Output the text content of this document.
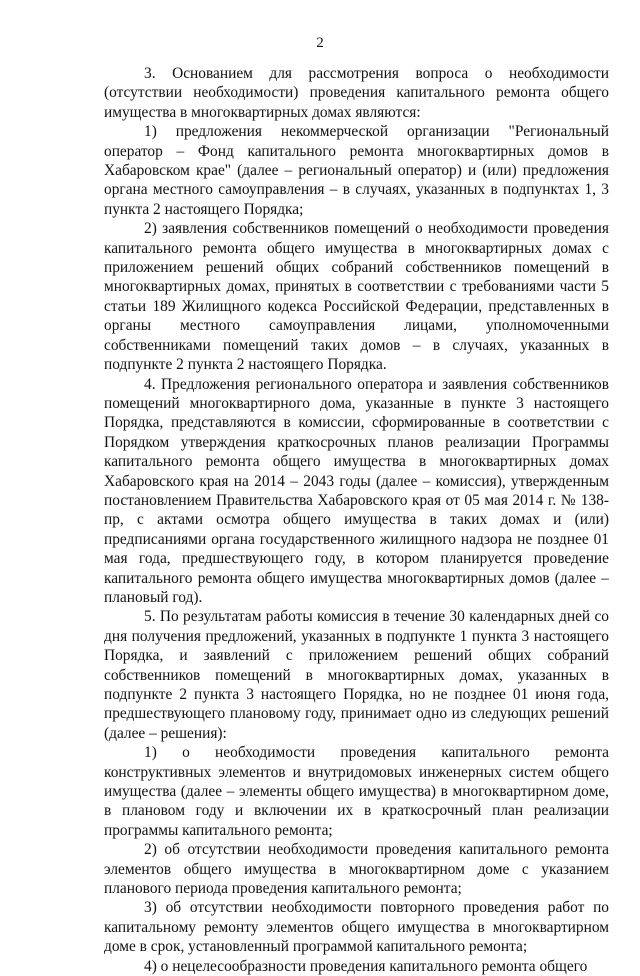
2

3. Основанием для рассмотрения вопроса о необходимости (отсутствии необходимости) проведения капитального ремонта общего имущества в многоквартирных домах являются:

1) предложения некоммерческой организации "Региональный оператор – Фонд капитального ремонта многоквартирных домов в Хабаровском крае" (далее – региональный оператор) и (или) предложения органа местного самоуправления – в случаях, указанных в подпунктах 1, 3 пункта 2 настоящего Порядка;

2) заявления собственников помещений о необходимости проведения капитального ремонта общего имущества в многоквартирных домах с приложением решений общих собраний собственников помещений в многоквартирных домах, принятых в соответствии с требованиями части 5 статьи 189 Жилищного кодекса Российской Федерации, представленных в органы местного самоуправления лицами, уполномоченными собственниками помещений таких домов – в случаях, указанных в подпункте 2 пункта 2 настоящего Порядка.

4. Предложения регионального оператора и заявления собственников помещений многоквартирного дома, указанные в пункте 3 настоящего Порядка, представляются в комиссии, сформированные в соответствии с Порядком утверждения краткосрочных планов реализации Программы капитального ремонта общего имущества в многоквартирных домах Хабаровского края на 2014 – 2043 годы (далее – комиссия), утвержденным постановлением Правительства Хабаровского края от 05 мая 2014 г. № 138-пр, с актами осмотра общего имущества в таких домах и (или) предписаниями органа государственного жилищного надзора не позднее 01 мая года, предшествующего году, в котором планируется проведение капитального ремонта общего имущества многоквартирных домов (далее – плановый год).

5. По результатам работы комиссия в течение 30 календарных дней со дня получения предложений, указанных в подпункте 1 пункта 3 настоящего Порядка, и заявлений с приложением решений общих собраний собственников помещений в многоквартирных домах, указанных в подпункте 2 пункта 3 настоящего Порядка, но не позднее 01 июня года, предшествующего плановому году, принимает одно из следующих решений (далее – решения):

1) о необходимости проведения капитального ремонта конструктивных элементов и внутридомовых инженерных систем общего имущества (далее – элементы общего имущества) в многоквартирном доме, в плановом году и включении их в краткосрочный план реализации программы капитального ремонта;

2) об отсутствии необходимости проведения капитального ремонта элементов общего имущества в многоквартирном доме с указанием планового периода проведения капитального ремонта;

3) об отсутствии необходимости повторного проведения работ по капитальному ремонту элементов общего имущества в многоквартирном доме в срок, установленный программой капитального ремонта;

4) о нецелесообразности проведения капитального ремонта общего
